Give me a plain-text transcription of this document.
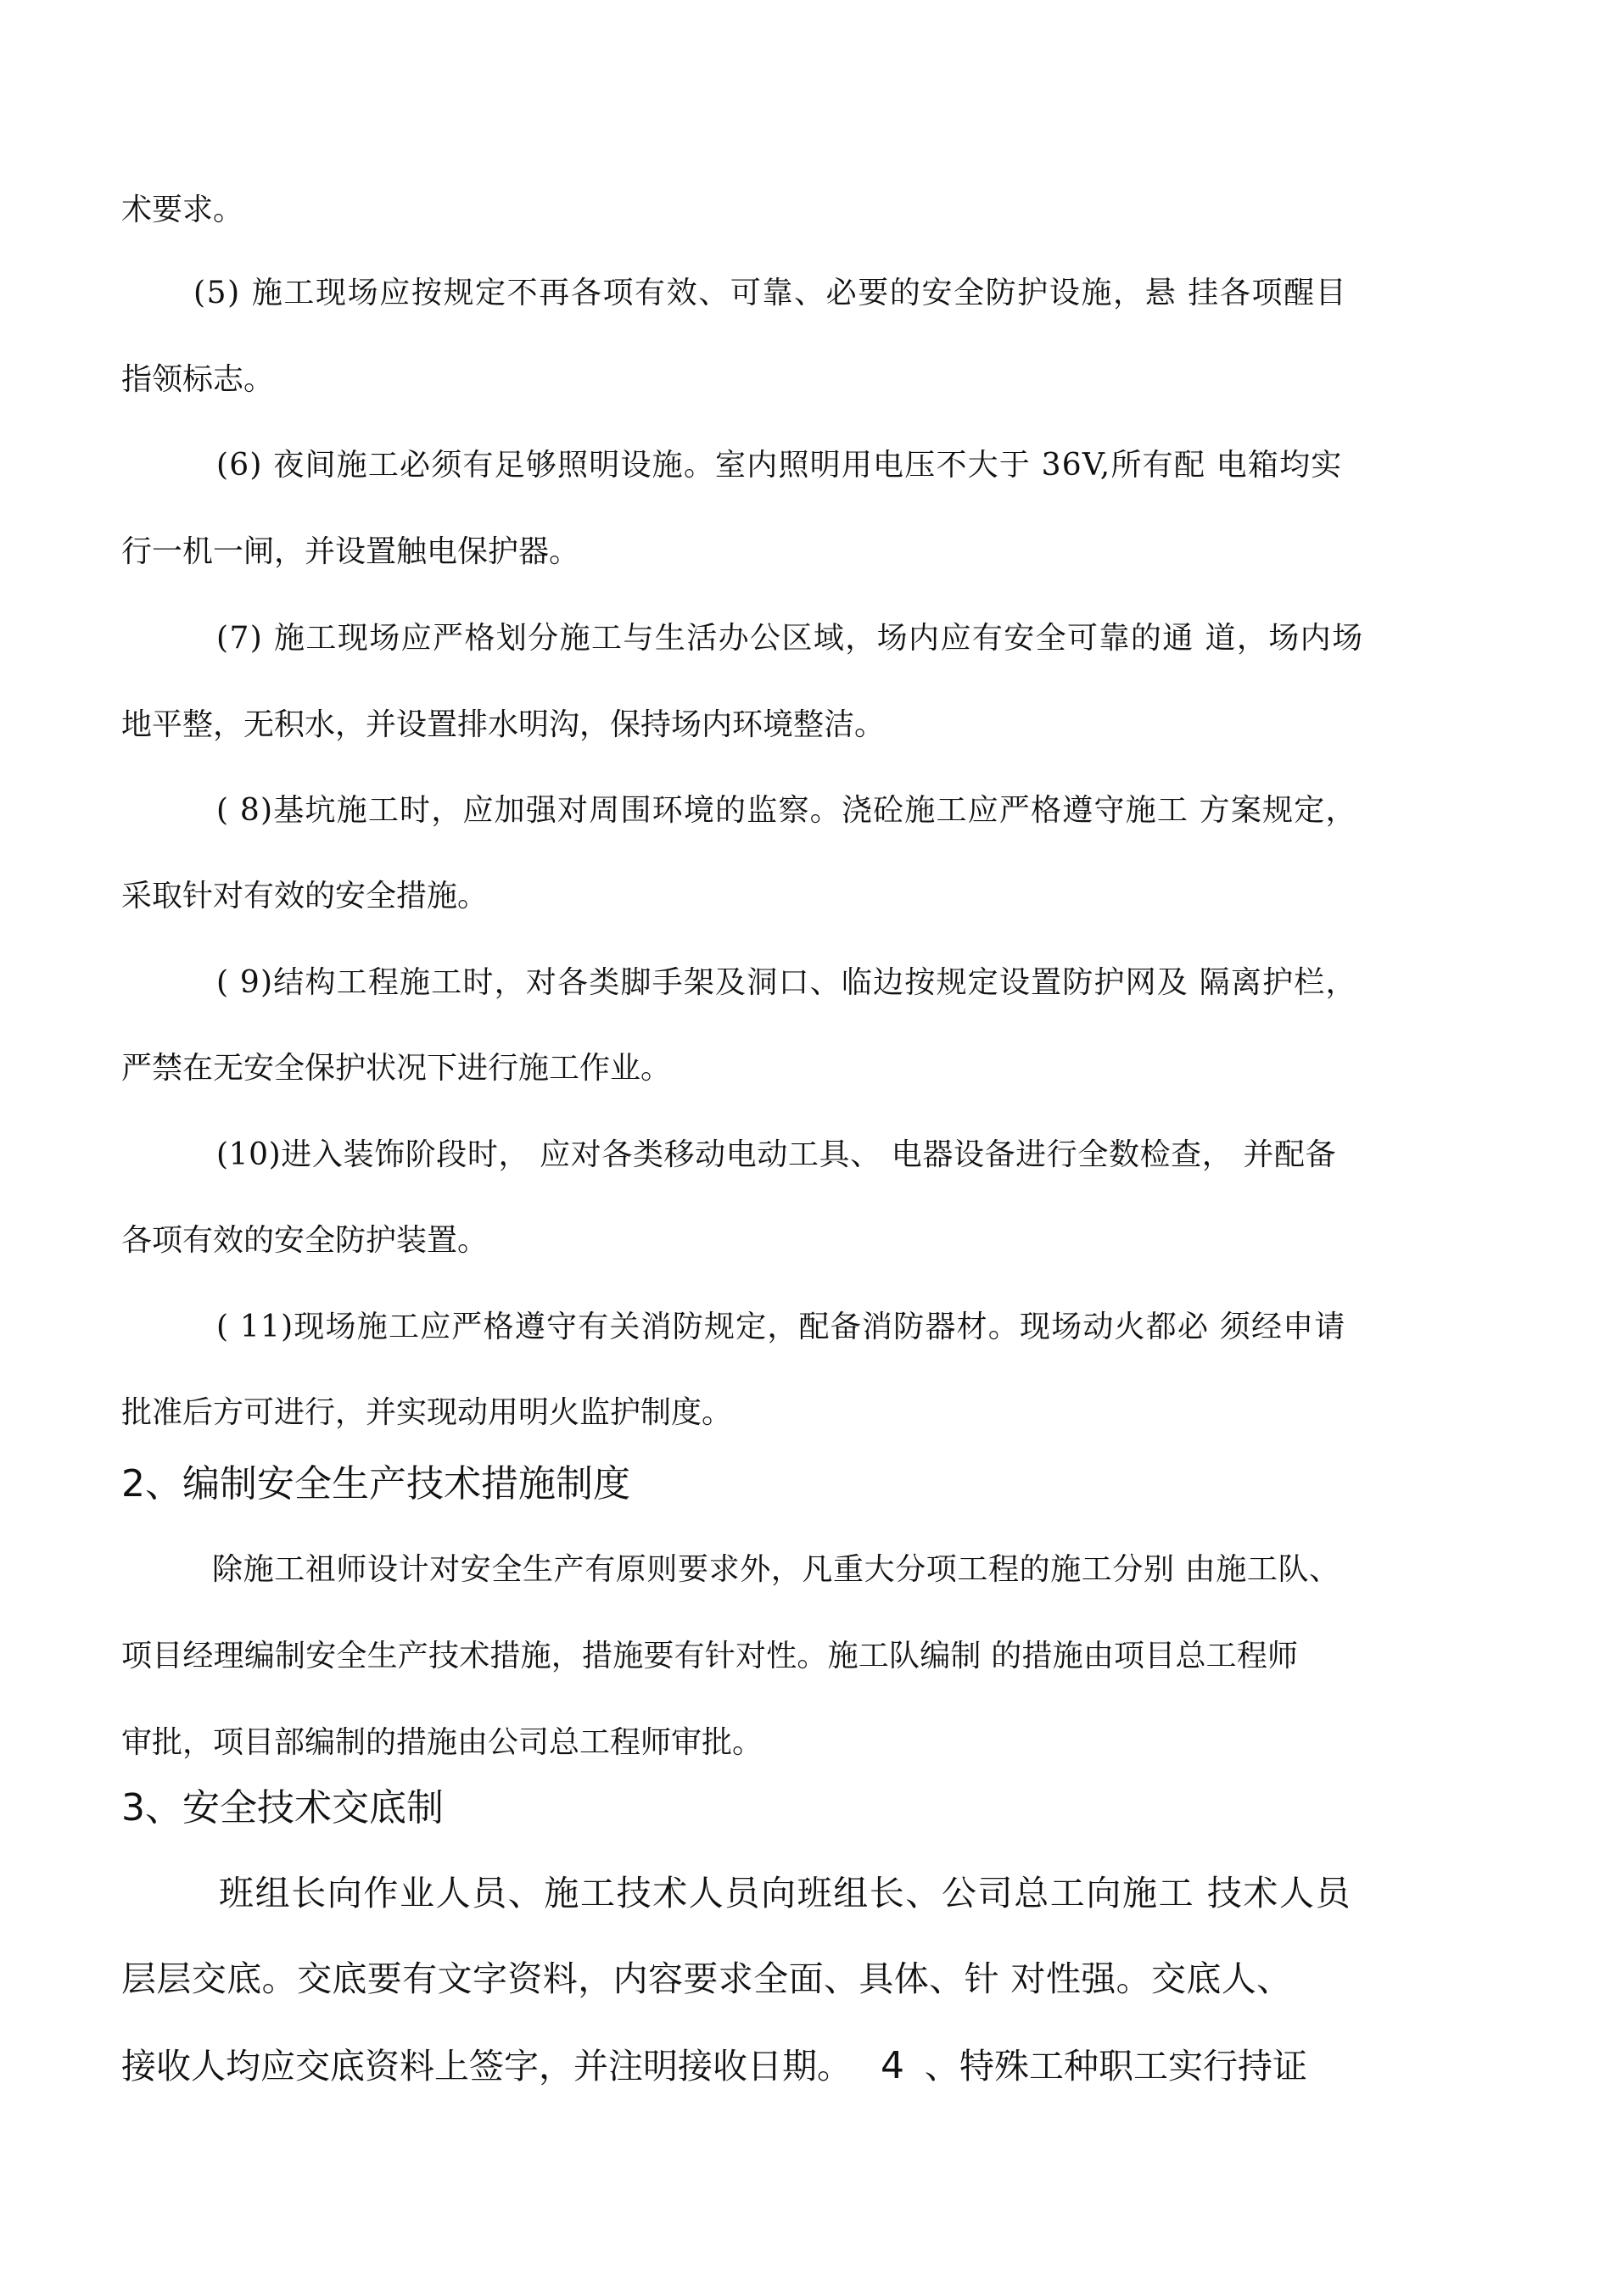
术要求。
(5) 施工现场应按规定不再各项有效、可靠、必要的安全防护设施，悬 挂各项醒目
指领标志。
(6) 夜间施工必须有足够照明设施。室内照明用电压不大于 36V,所有配 电箱均实
行一机一闸，并设置触电保护器。
(7) 施工现场应严格划分施工与生活办公区域，场内应有安全可靠的通 道，场内场
地平整，无积水，并设置排水明沟，保持场内环境整洁。
( 8)基坑施工时，应加强对周围环境的监察。浇砼施工应严格遵守施工 方案规定，
采取针对有效的安全措施。
( 9)结构工程施工时，对各类脚手架及洞口、临边按规定设置防护网及 隔离护栏，
严禁在无安全保护状况下进行施工作业。
(10)进入装饰阶段时， 应对各类移动电动工具、 电器设备进行全数检查， 并配备
各项有效的安全防护装置。
( 11)现场施工应严格遵守有关消防规定，配备消防器材。现场动火都必 须经申请
批准后方可进行，并实现动用明火监护制度。
2、编制安全生产技术措施制度
除施工祖师设计对安全生产有原则要求外，凡重大分项工程的施工分别 由施工队、
项目经理编制安全生产技术措施，措施要有针对性。施工队编制 的措施由项目总工程师
审批，项目部编制的措施由公司总工程师审批。
3、安全技术交底制
班组长向作业人员、施工技术人员向班组长、公司总工向施工 技术人员
层层交底。交底要有文字资料，内容要求全面、具体、针 对性强。交底人、
接收人均应交底资料上签字，并注明接收日期。 4 、特殊工种职工实行持证
